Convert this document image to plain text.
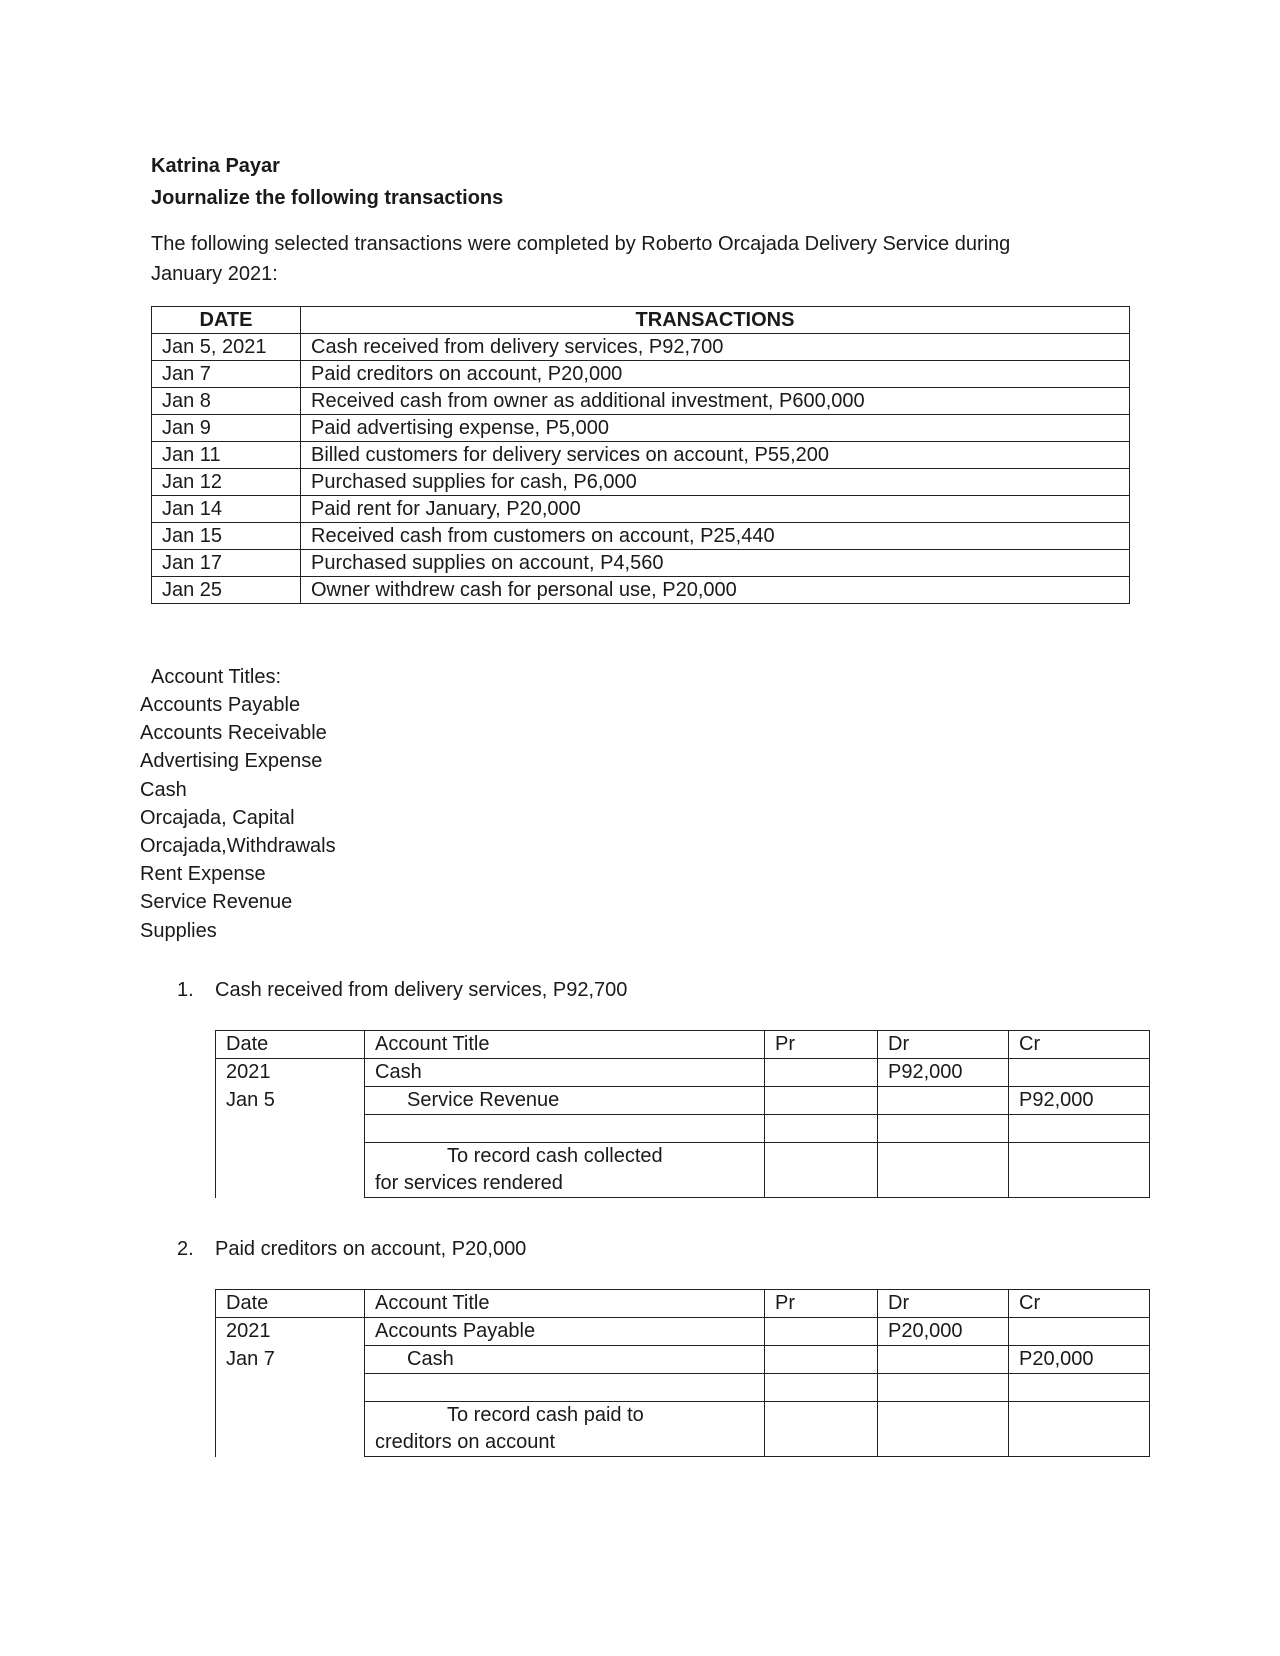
Katrina Payar
Journalize the following transactions
The following selected transactions were completed by Roberto Orcajada Delivery Service during
January 2021:
DATE	TRANSACTIONS
Jan 5, 2021	Cash received from delivery services, P92,700
Jan 7	Paid creditors on account, P20,000
Jan 8	Received cash from owner as additional investment, P600,000
Jan 9	Paid advertising expense, P5,000
Jan 11	Billed customers for delivery services on account, P55,200
Jan 12	Purchased supplies for cash, P6,000
Jan 14	Paid rent for January, P20,000
Jan 15	Received cash from customers on account, P25,440
Jan 17	Purchased supplies on account, P4,560
Jan 25	Owner withdrew cash for personal use, P20,000
Account Titles:
Accounts Payable
Accounts Receivable
Advertising Expense
Cash
Orcajada, Capital
Orcajada,Withdrawals
Rent Expense
Service Revenue
Supplies
1. Cash received from delivery services, P92,700
Date	Account Title	Pr	Dr	Cr
2021	Cash		P92,000	
Jan 5	Service Revenue			P92,000

	To record cash collected
for services rendered			
2. Paid creditors on account, P20,000
Date	Account Title	Pr	Dr	Cr
2021	Accounts Payable		P20,000	
Jan 7	Cash			P20,000

	To record cash paid to
creditors on account			
